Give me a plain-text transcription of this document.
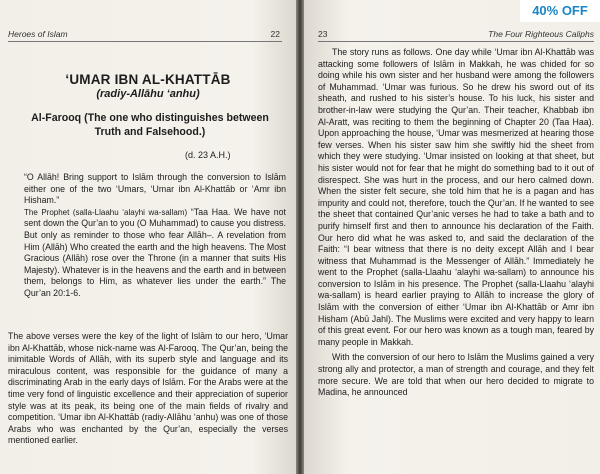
Heroes of Islam	22
‘UMAR IBN AL-KHATTĀB
(radiy-Allāhu ‘anhu)
Al-Farooq (The one who distinguishes between Truth and Falsehood.)
(d. 23 A.H.)
“O Allāh! Bring support to Islām through the conversion to Islām either one of the two ‘Umars, ‘Umar ibn Al-Khattāb or ‘Amr ibn Hisham.”
The Prophet (salla-Llaahu ‘alayhi wa-sallam) “Taa Haa. We have not sent down the Qur’an to you (O Muhammad) to cause you distress. But only as reminder to those who fear Allāh–. A revelation from Him (Allāh) Who created the earth and the high heavens. The Most Gracious (Allāh) rose over the Throne (in a manner that suits His Majesty). Whatever is in the heavens and the earth and in between them, belongs to Him, as whatever lies under the earth.” The Qur’an 20:1-6.

The above verses were the key of the light of Islām to our hero, ‘Umar ibn Al-Khattāb, whose nick-name was Al-Farooq. The Qur’an, being the inimitable Words of Allāh, with its superb style and language and its miraculous content, was responsible for the guidance of many a discriminating Arab in the early days of Islām. For the Arabs were at the time very fond of linguistic excellence and their appreciation of superior style was at its peak, its being one of the main fields of rivalry and competition. ‘Umar ibn Al-Khattāb (radiy-Allāhu ‘anhu) was one of those Arabs who was enchanted by the Qur’an, especially the verses mentioned earlier.

23	The Four Righteous Caliphs

The story runs as follows. One day while ‘Umar ibn Al-Khattāb was attacking some followers of Islām in Makkah, he was chided for so doing while his own sister and her husband were among the followers of Muhammad. ‘Umar was furious. So he drew his sword out of its sheath, and rushed to his sister’s house. To his luck, his sister and brother-in-law were studying the Qur’an. Their teacher, Khabbab ibn Al-Aratt, was reciting to them the beginning of Chapter 20 (Taa Haa). Upon approaching the house, ‘Umar was mesmerized at hearing those few verses. When his sister saw him she swiftly hid the sheet from which they were studying. ‘Umar insisted on looking at that sheet, but his sister would not for fear that he might do something bad to it out of disrespect. She was hurt in the process, and our hero calmed down. When the sister felt secure, she told him that he is a pagan and has impurity and could not, therefore, touch the Qur’an. If he wanted to see the sheet that contained Qur’anic verses he had to take a bath and to purify himself first and then to announce his declaration of the Faith. Our hero did what he was asked to, and said the declaration of the Faith: “I bear witness that there is no deity except Allāh and I bear witness that Muhammad is the Messenger of Allāh.” Immediately he went to the Prophet (salla-Llaahu ‘alayhi wa-sallam) to announce his conversion to Islām in his presence. The Prophet (salla-Llaahu ‘alayhi wa-sallam) is heard earlier praying to Allāh to increase the glory of Islām with the conversion of either ‘Umar ibn Al-Khattāb or Amr ibn Hisham (Abū Jahl). The Muslims were excited and very happy to learn of this great event. For our hero was known as a tough man, feared by many people in Makkah.

With the conversion of our hero to Islām the Muslims gained a very strong ally and protector, a man of strength and courage, and they felt more secure. We are told that when our hero decided to migrate to Madina, he announced

40% OFF
